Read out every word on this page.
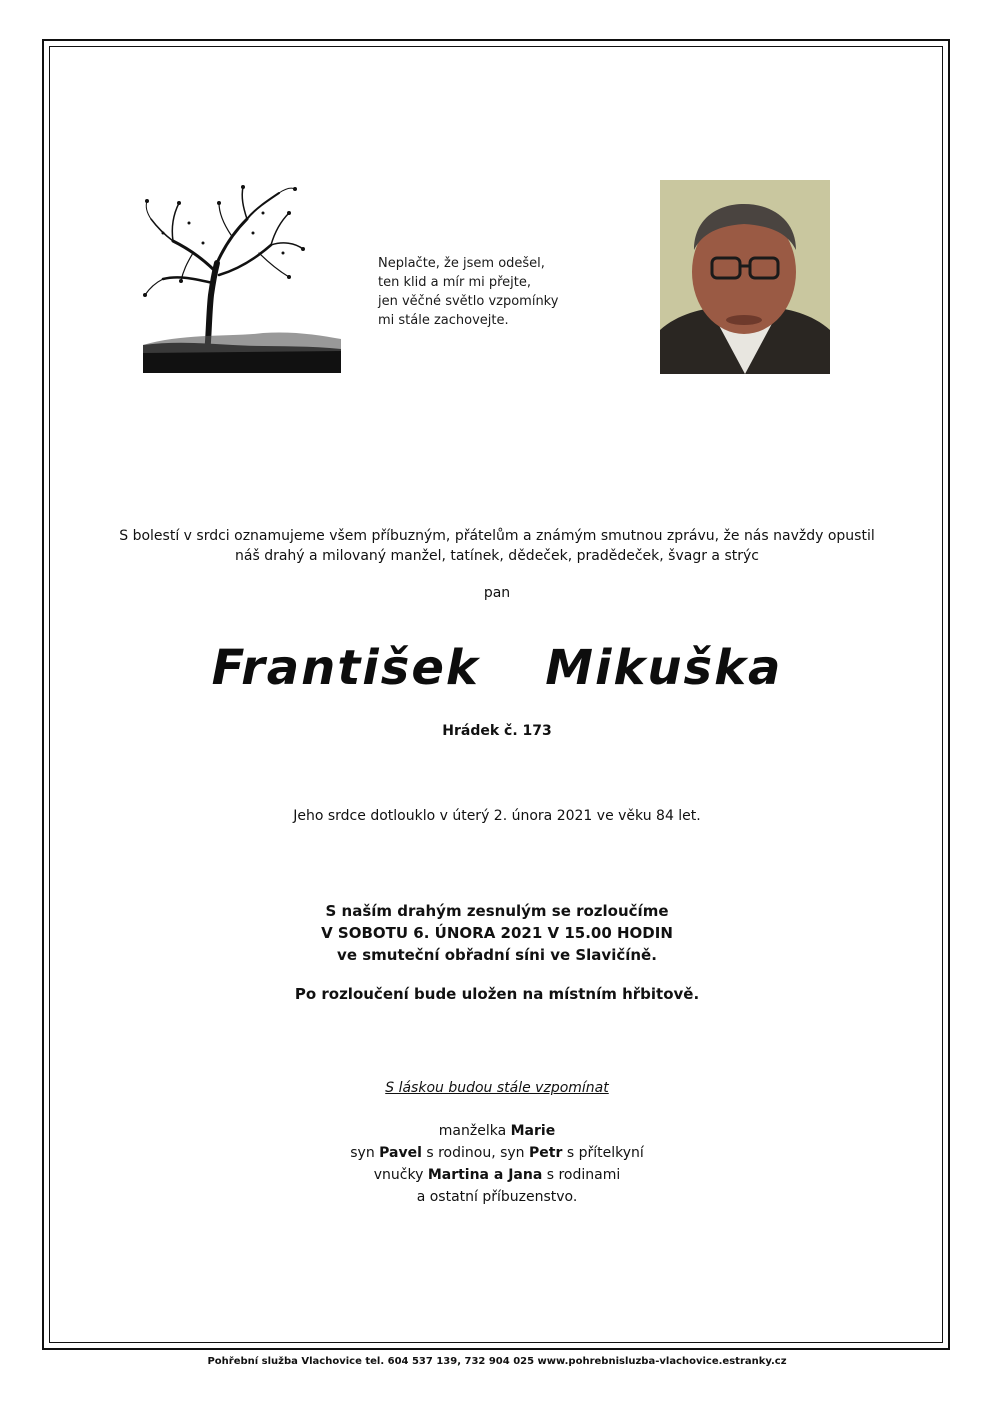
Neplačte, že jsem odešel,
ten klid a mír mi přejte,
jen věčné světlo vzpomínky
mi stále zachovejte.
S bolestí v srdci oznamujeme všem příbuzným, přátelům a známým smutnou zprávu, že nás navždy opustil
náš drahý a milovaný manžel, tatínek, dědeček, pradědeček, švagr a strýc
pan
František  Mikuška
Hrádek č. 173
Jeho srdce dotlouklo v úterý 2. února 2021 ve věku 84 let.
S naším drahým zesnulým se rozloučíme
V SOBOTU 6. ÚNORA 2021 V 15.00 HODIN
ve smuteční obřadní síni ve Slavičíně.
Po rozloučení bude uložen na místním hřbitově.
S láskou budou stále vzpomínat
manželka Marie
syn Pavel s rodinou, syn Petr s přítelkyní
vnučky Martina a Jana s rodinami
a ostatní příbuzenstvo.
Pohřební služba Vlachovice tel. 604 537 139, 732 904 025 www.pohrebnisluzba-vlachovice.estranky.cz
